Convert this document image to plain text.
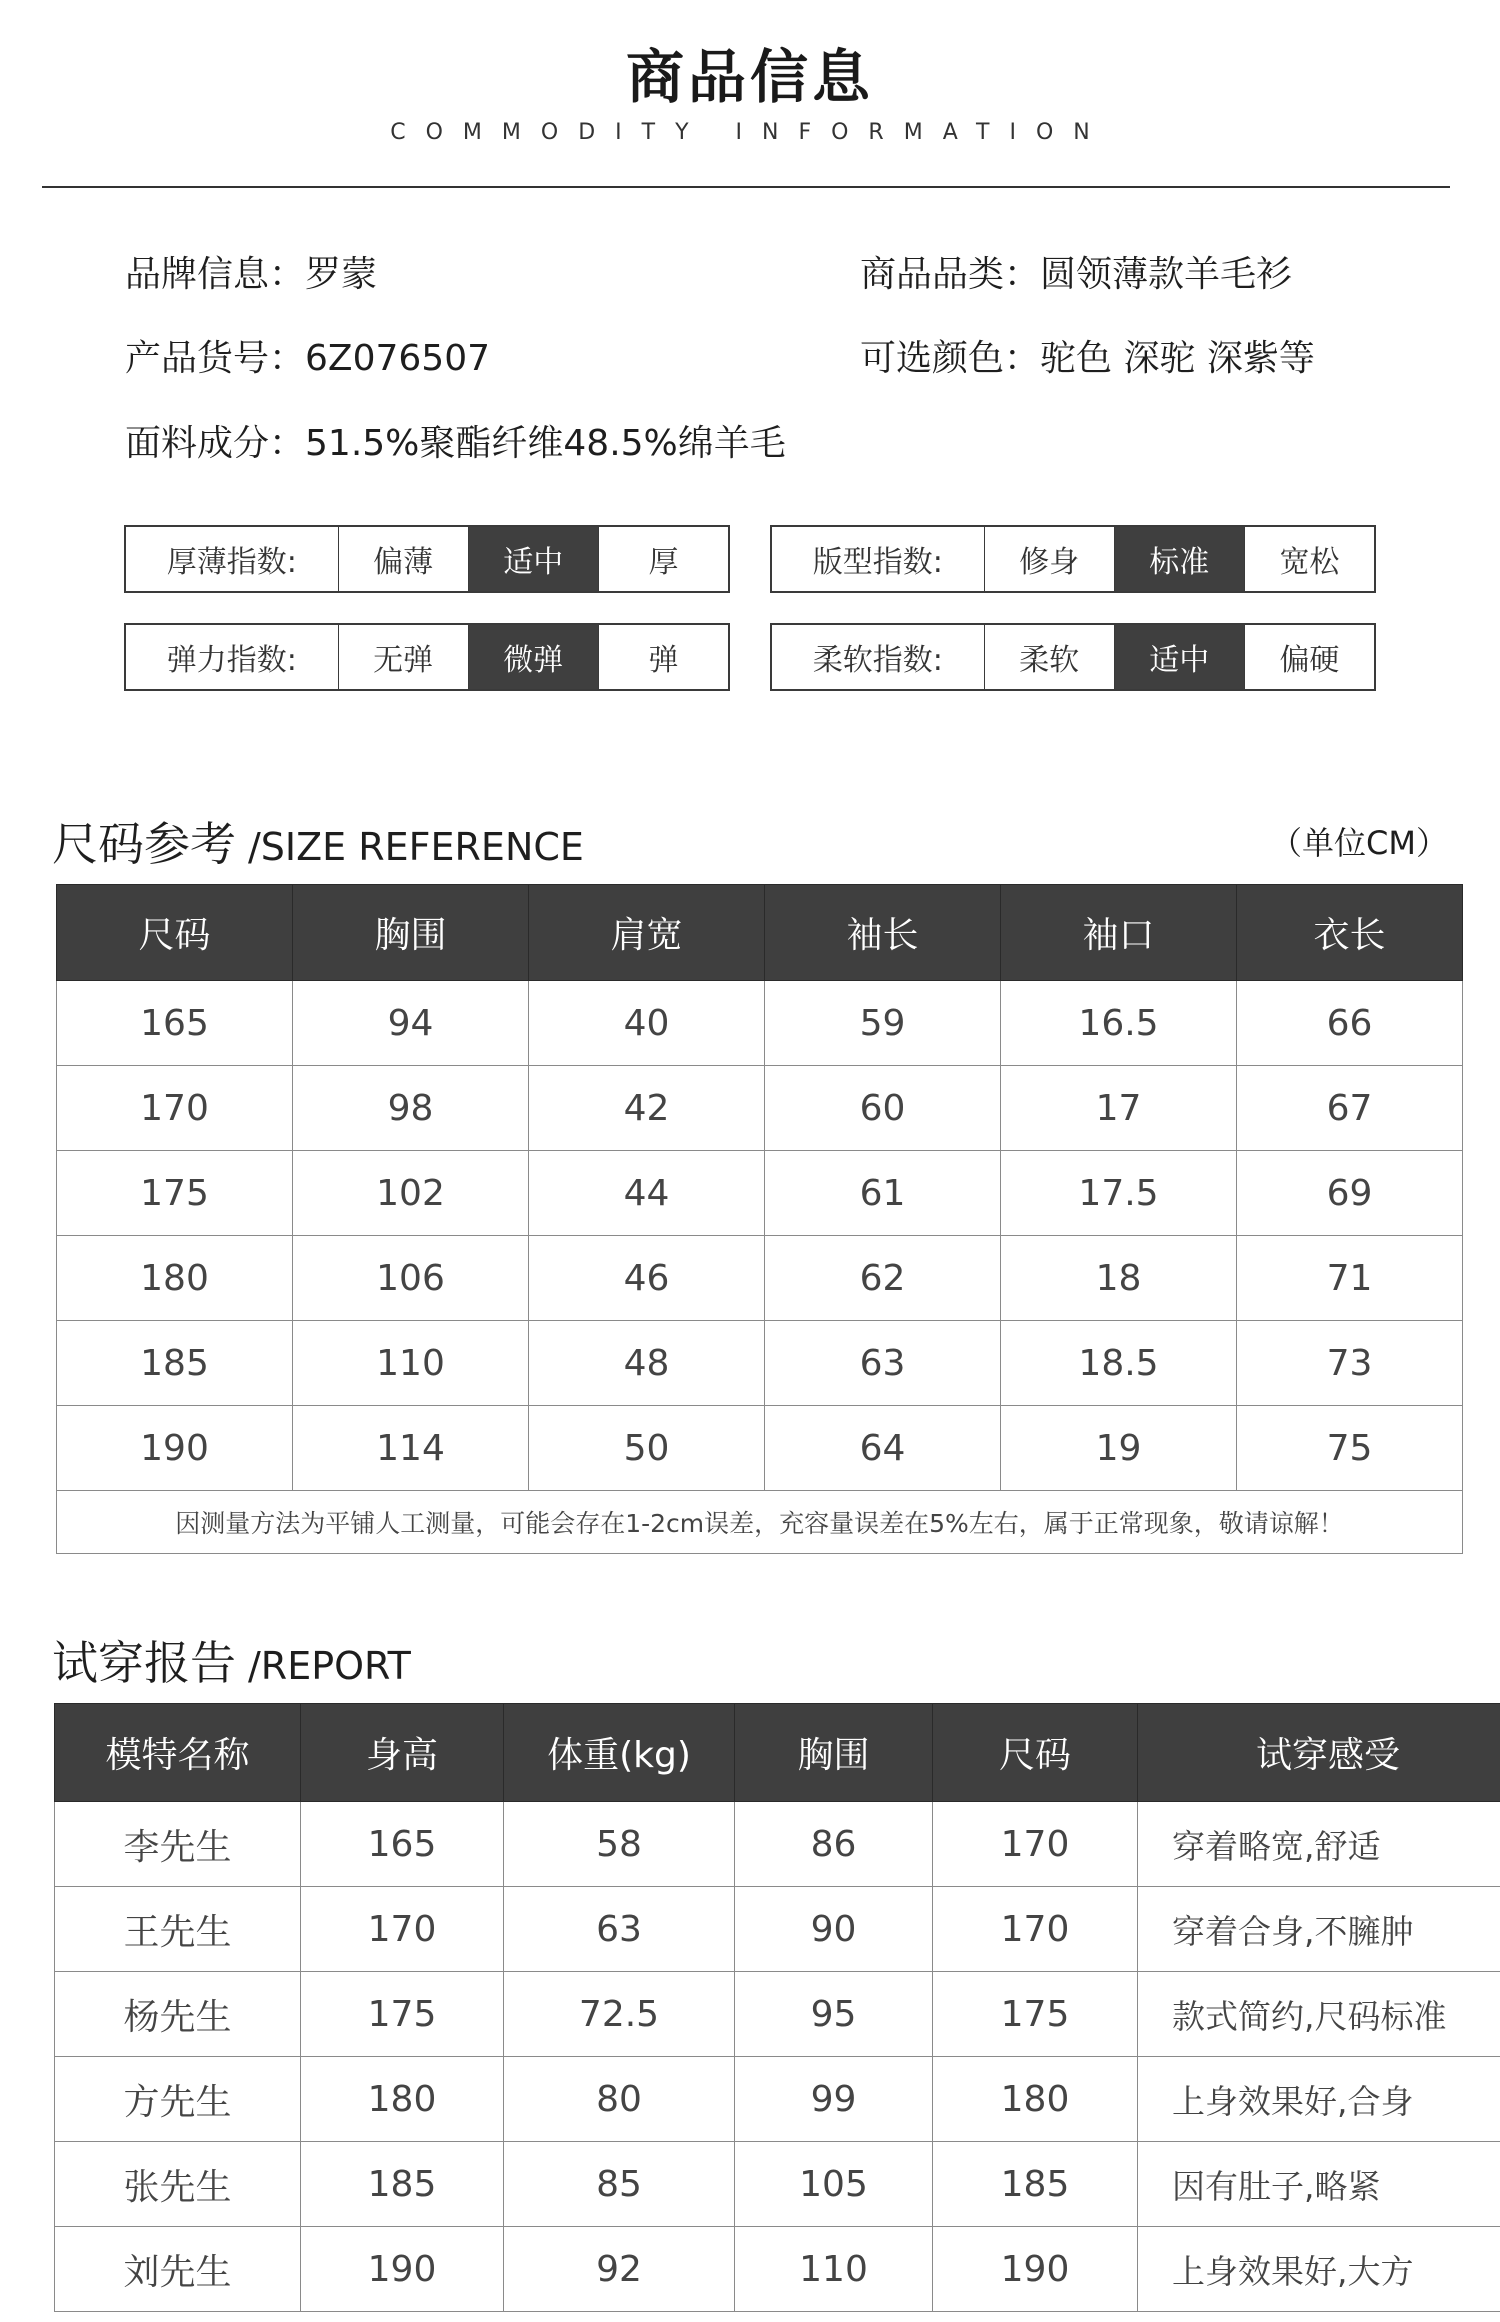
商品信息
COMMODITY INFORMATION
品牌信息：罗蒙	商品品类：圆领薄款羊毛衫
产品货号：6Z076507	可选颜色：驼色 深驼 深紫等
面料成分：51.5%聚酯纤维48.5%绵羊毛
厚薄指数:	偏薄	适中	厚	版型指数:	修身	标准	宽松
弹力指数:	无弹	微弹	弹	柔软指数:	柔软	适中	偏硬
尺码参考 /SIZE REFERENCE	（单位CM）
尺码	胸围	肩宽	袖长	袖口	衣长
165	94	40	59	16.5	66
170	98	42	60	17	67
175	102	44	61	17.5	69
180	106	46	62	18	71
185	110	48	63	18.5	73
190	114	50	64	19	75
因测量方法为平铺人工测量，可能会存在1-2cm误差，充容量误差在5%左右，属于正常现象，敬请谅解！					
试穿报告 /REPORT
模特名称	身高	体重(kg)	胸围	尺码	试穿感受
李先生	165	58	86	170	穿着略宽,舒适
王先生	170	63	90	170	穿着合身,不臃肿
杨先生	175	72.5	95	175	款式简约,尺码标准
方先生	180	80	99	180	上身效果好,合身
张先生	185	85	105	185	因有肚子,略紧
刘先生	190	92	110	190	上身效果好,大方
